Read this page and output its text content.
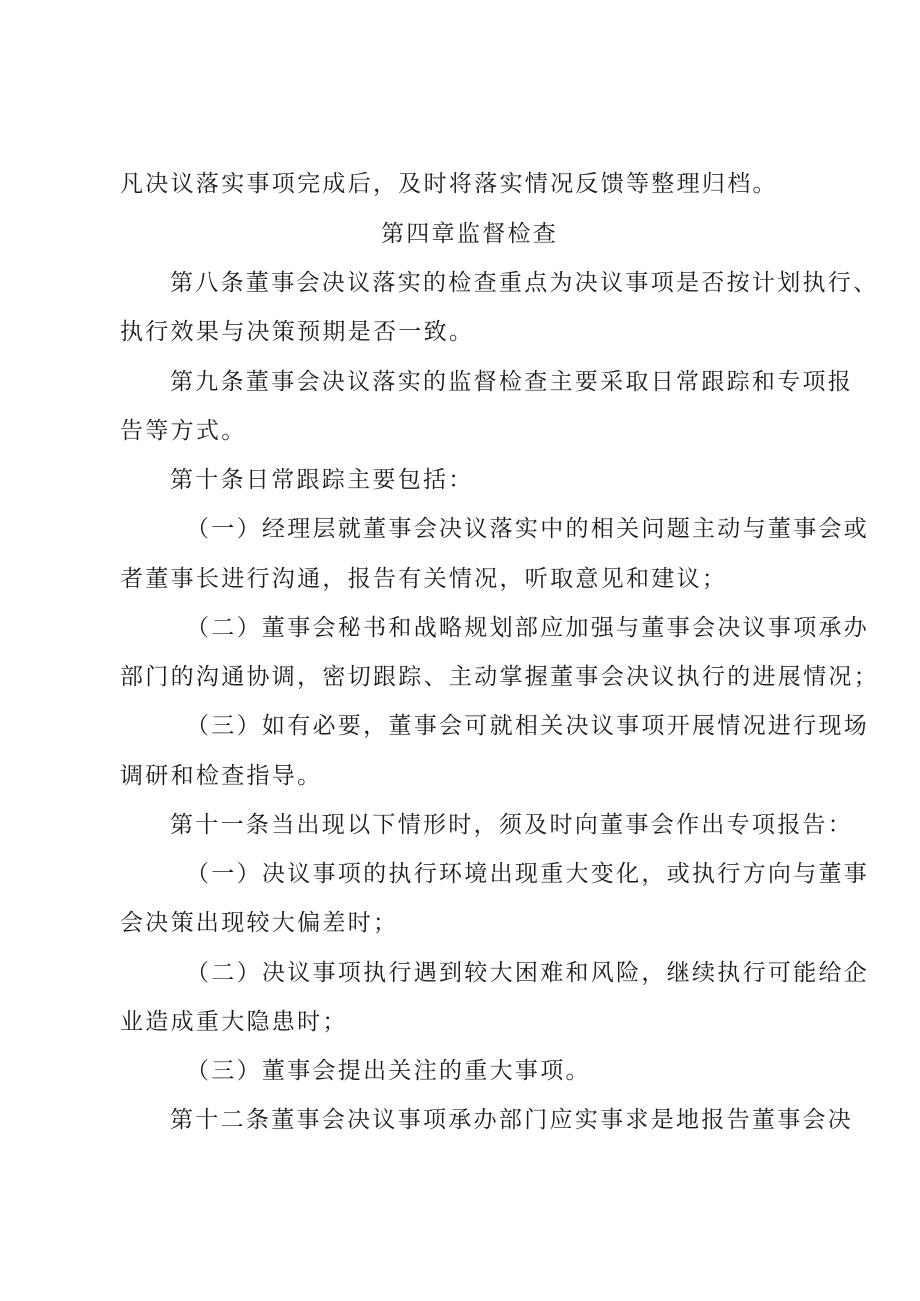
凡决议落实事项完成后，及时将落实情况反馈等整理归档。
第四章监督检查
第八条董事会决议落实的检查重点为决议事项是否按计划执行、
执行效果与决策预期是否一致。
第九条董事会决议落实的监督检查主要采取日常跟踪和专项报
告等方式。
第十条日常跟踪主要包括：
（一）经理层就董事会决议落实中的相关问题主动与董事会或
者董事长进行沟通，报告有关情况，听取意见和建议；
（二）董事会秘书和战略规划部应加强与董事会决议事项承办
部门的沟通协调，密切跟踪、主动掌握董事会决议执行的进展情况；
（三）如有必要，董事会可就相关决议事项开展情况进行现场
调研和检查指导。
第十一条当出现以下情形时，须及时向董事会作出专项报告：
（一）决议事项的执行环境出现重大变化，或执行方向与董事
会决策出现较大偏差时；
（二）决议事项执行遇到较大困难和风险，继续执行可能给企
业造成重大隐患时；
（三）董事会提出关注的重大事项。
第十二条董事会决议事项承办部门应实事求是地报告董事会决
